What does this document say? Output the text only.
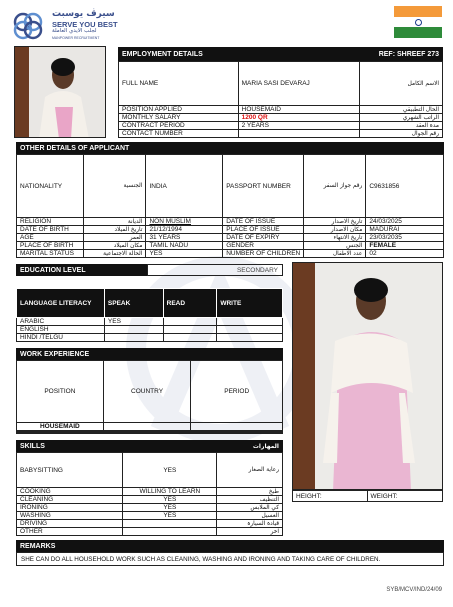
سيرڤ يوسبت
SERVE YOU BEST
لجلب الايدي العاملة
MANPOWER RECRUITMENT
EMPLOYMENT DETAILS	REF: SHREEF 273
FULL NAME	MARIA SASI DEVARAJ	الاسم الكامل
POSITION APPLIED	HOUSEMAID	الحال التطبيقي
MONTHLY SALARY	1200 QR	الراتب الشهري
CONTRACT PERIOD	2 YEARS	مدة العقد
CONTACT NUMBER		رقم الجوال
OTHER DETAILS OF APPLICANT
NATIONALITY	الجنسية	INDIA	PASSPORT NUMBER	رقم جواز السفر	C9631856
RELIGION	الديانة	NON MUSLIM	DATE OF ISSUE	تاريخ الاصدار	24/03/2025
DATE OF BIRTH	تاريخ الميلاد	21/12/1994	PLACE OF ISSUE	مكان الاصدار	MADURAI
AGE	العمر	31 YEARS	DATE OF EXPIRY	تاريخ الانتهاء	23/03/2035
PLACE OF BIRTH	مكان الميلاد	TAMIL NADU	GENDER	الجنس	FEMALE
MARITAL STATUS	الحالة الاجتماعية	YES	NUMBER OF CHILDREN	عدد الاطفال	02
EDUCATION LEVEL	SECONDARY
LANGUAGE LITERACY	SPEAK	READ	WRITE
ARABIC	YES		
ENGLISH			
HINDI /TELGU			
WORK EXPERIENCE
POSITION	COUNTRY	PERIOD
HOUSEMAID		

SKILLS	المهارات
BABYSITTING	YES	رعاية الصغار
COOKING	WILLING TO LEARN	طبخ
CLEANING	YES	التنظيف
IRONING	YES	كي الملابس
WASHING	YES	الغسيل
DRIVING		قيادة السيارة
OTHER		اخر
HEIGHT:	WEIGHT:
REMARKS
SHE CAN DO ALL HOUSEHOLD WORK SUCH AS CLEANING, WASHING AND IRONING AND TAKING CARE OF CHILDREN.
SYB/MCV/IND/24/09
